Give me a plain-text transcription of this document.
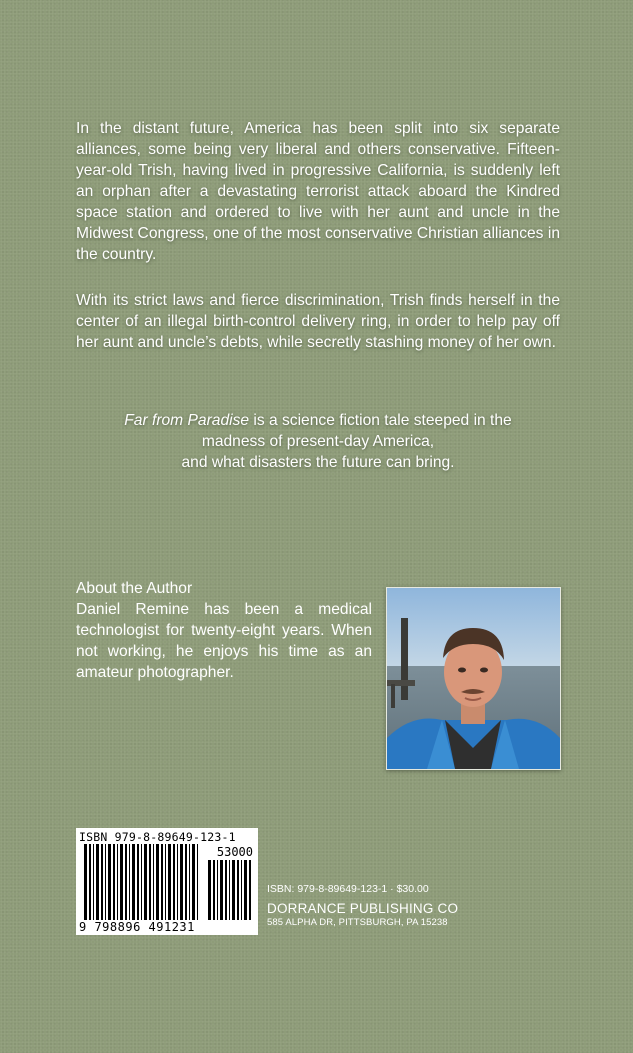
In the distant future, America has been split into six separate alliances, some being very liberal and others conservative. Fifteen-year-old Trish, having lived in progressive California, is suddenly left an orphan after a devastating terrorist attack aboard the Kindred space station and ordered to live with her aunt and uncle in the Midwest Congress, one of the most conservative Christian alliances in the country.
With its strict laws and fierce discrimination, Trish finds herself in the center of an illegal birth-control delivery ring, in order to help pay off her aunt and uncle’s debts, while secretly stashing money of her own.
Far from Paradise is a science fiction tale steeped in the
madness of present-day America,
and what disasters the future can bring.
About the Author
Daniel Remine has been a medical technologist for twenty-eight years. When not working, he enjoys his time as an amateur photographer.
ISBN 979-8-89649-123-1
53000
9 798896 491231
ISBN: 979-8-89649-123-1 · $30.00
DORRANCE PUBLISHING CO
585 ALPHA DR, PITTSBURGH, PA 15238
